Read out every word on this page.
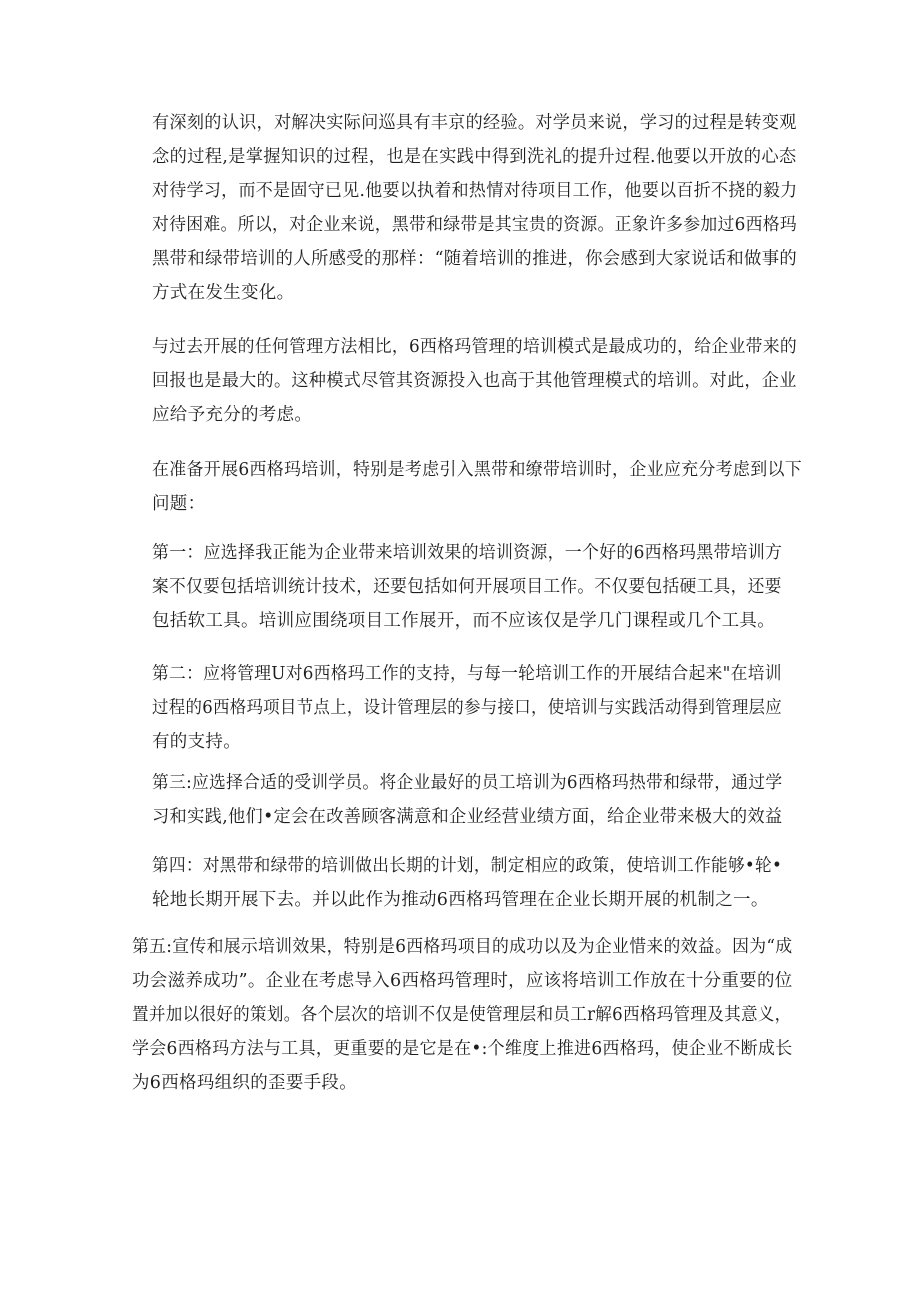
有深刻的认识，对解决实际问巡具有丰京的经验。对学员来说，学习的过程是转变观
念的过程,是掌握知识的过程，也是在实践中得到洗礼的提升过程.他要以开放的心态
对待学习，而不是固守已见.他要以执着和热情对待项目工作，他要以百折不挠的毅力
对待困难。所以，对企业来说，黑带和绿带是其宝贵的资源。正象许多参加过6西格玛
黑带和绿带培训的人所感受的那样：“随着培训的推进，你会感到大家说话和做事的
方式在发生变化。
与过去开展的任何管理方法相比，6西格玛管理的培训模式是最成功的，给企业带来的
回报也是最大的。这种模式尽管其资源投入也高于其他管理模式的培训。对此，企业
应给予充分的考虑。
在准备开展6西格玛培训，特别是考虑引入黑带和缭带培训时，企业应充分考虑到以下
问题：
第一：应选择我正能为企业带来培训效果的培训资源，一个好的6西格玛黑带培训方
案不仅要包括培训统计技术，还要包括如何开展项目工作。不仅要包括硬工具，还要
包括软工具。培训应围绕项目工作展开，而不应该仅是学几门课程或几个工具。
第二：应将管理U对6西格玛工作的支持，与每一轮培训工作的开展结合起来"在培训
过程的6西格玛项目节点上，设计管理层的参与接口，使培训与实践活动得到管理层应
有的支持。
第三:应选择合适的受训学员。将企业最好的员工培训为6西格玛热带和绿带，通过学
习和实践,他们•定会在改善顾客满意和企业经营业绩方面，给企业带来极大的效益
第四：对黑带和绿带的培训做出长期的计划，制定相应的政策，使培训工作能够•轮•
轮地长期开展下去。并以此作为推动6西格玛管理在企业长期开展的机制之一。
第五:宣传和展示培训效果，特别是6西格玛项目的成功以及为企业惜来的效益。因为“成
功会滋养成功”。企业在考虑导入6西格玛管理时，应该将培训工作放在十分重要的位
置并加以很好的策划。各个层次的培训不仅是使管理层和员工r解6西格玛管理及其意义，
学会6西格玛方法与工具，更重要的是它是在•:个维度上推进6西格玛，使企业不断成长
为6西格玛组织的歪要手段。
